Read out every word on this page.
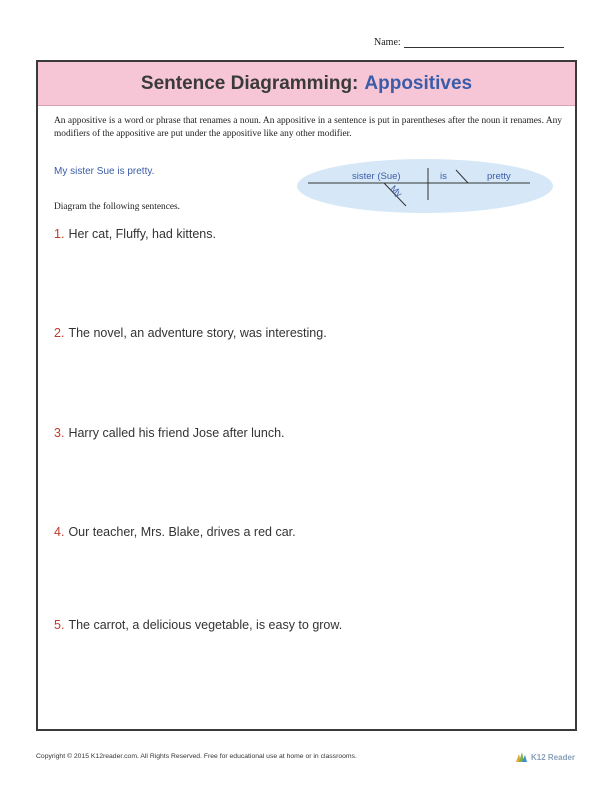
Name:
Sentence Diagramming: Appositives
An appositive is a word or phrase that renames a noun. An appositive in a sentence is put in parentheses after the noun it renames. Any modifiers of the appositive are put under the appositive like any other modifier.
My sister Sue is pretty.	sister (Sue)	is	pretty
My
Diagram the following sentences.
1. Her cat, Fluffy, had kittens.
2. The novel, an adventure story, was interesting.
3. Harry called his friend Jose after lunch.
4. Our teacher, Mrs. Blake, drives a red car.
5. The carrot, a delicious vegetable, is easy to grow.
Copyright © 2015 K12reader.com. All Rights Reserved. Free for educational use at home or in classrooms.	K12 Reader
